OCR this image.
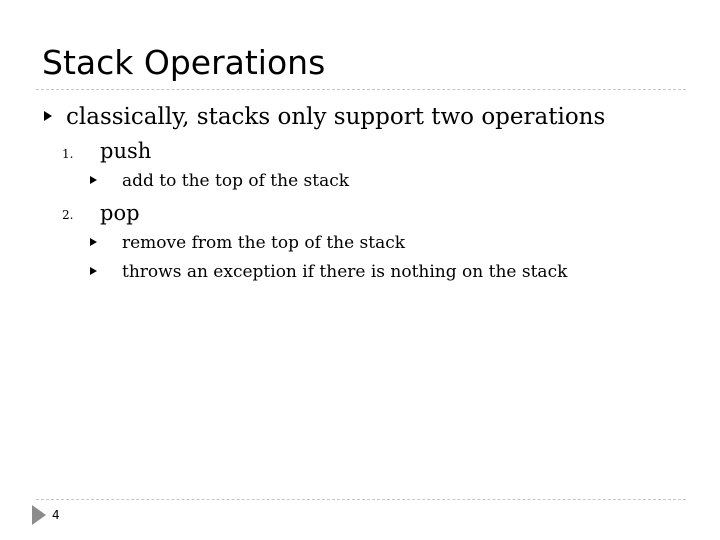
Stack Operations
classically, stacks only support two operations
1. push
add to the top of the stack
2. pop
remove from the top of the stack
throws an exception if there is nothing on the stack
4
